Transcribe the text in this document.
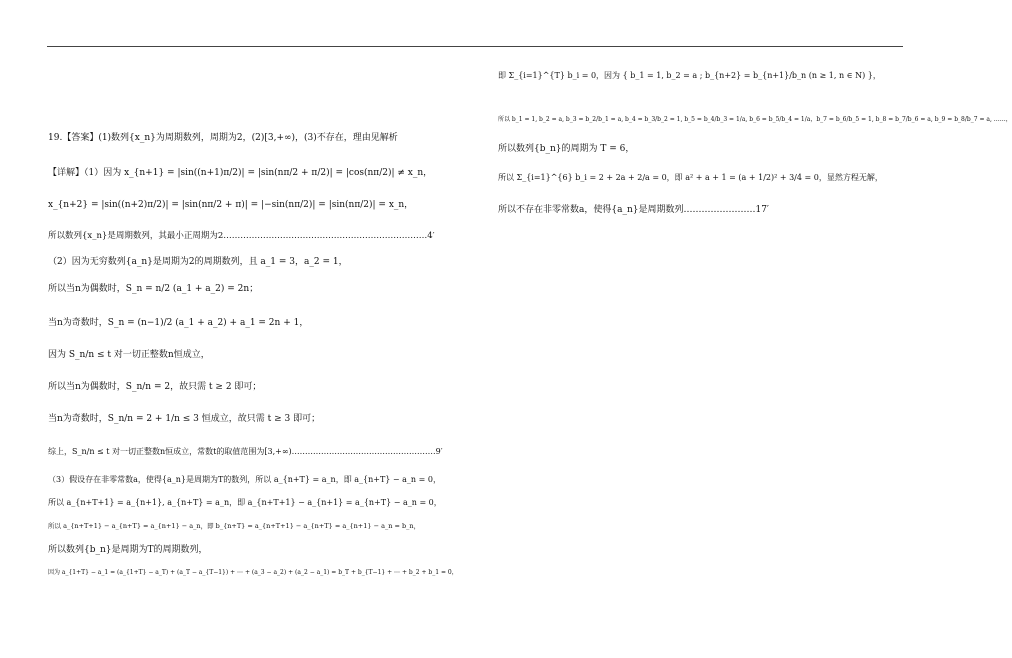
19.【答案】(1)数列{x_n}为周期数列，周期为2，(2)[3,+∞)，(3)不存在，理由见解析
【详解】（1）因为 x_{n+1} = |sin((n+1)π/2)| = |sin(nπ/2 + π/2)| = |cos(nπ/2)| ≠ x_n，
x_{n+2} = |sin((n+2)π/2)| = |sin(nπ/2 + π)| = |−sin(nπ/2)| = |sin(nπ/2)| = x_n，
所以数列{x_n}是周期数列，其最小正周期为2………………………………………………………………4′
（2）因为无穷数列{a_n}是周期为2的周期数列，且 a_1 = 3，a_2 = 1，
所以当n为偶数时，S_n = n/2 (a_1 + a_2) = 2n；
当n为奇数时，S_n = (n−1)/2 (a_1 + a_2) + a_1 = 2n + 1，
因为 S_n/n ≤ t 对一切正整数n恒成立，
所以当n为偶数时，S_n/n = 2，故只需 t ≥ 2 即可；
当n为奇数时，S_n/n = 2 + 1/n ≤ 3 恒成立，故只需 t ≥ 3 即可；
综上，S_n/n ≤ t 对一切正整数n恒成立，常数t的取值范围为[3,+∞)………………………………………………9′
（3）假设存在非零常数a，使得{a_n}是周期为T的数列，所以 a_{n+T} = a_n，即 a_{n+T} − a_n = 0，
所以 a_{n+T+1} = a_{n+1}, a_{n+T} = a_n，即 a_{n+T+1} − a_{n+1} = a_{n+T} − a_n = 0，
所以 a_{n+T+1} − a_{n+T} = a_{n+1} − a_n，即 b_{n+T} = a_{n+T+1} − a_{n+T} = a_{n+1} − a_n = b_n，
所以数列{b_n}是周期为T的周期数列，
因为 a_{1+T} − a_1 = (a_{1+T} − a_T) + (a_T − a_{T−1}) + ⋯ + (a_3 − a_2) + (a_2 − a_1) = b_T + b_{T−1} + ⋯ + b_2 + b_1 = 0，
即 Σ_{i=1}^{T} b_i = 0，因为 { b_1 = 1, b_2 = a ; b_{n+2} = b_{n+1}/b_n (n ≥ 1, n ∈ N) }，
所以 b_1 = 1, b_2 = a, b_3 = b_2/b_1 = a, b_4 = b_3/b_2 = 1, b_5 = b_4/b_3 = 1/a, b_6 = b_5/b_4 = 1/a，b_7 = b_6/b_5 = 1, b_8 = b_7/b_6 = a, b_9 = b_8/b_7 = a, ……，
所以数列{b_n}的周期为 T = 6，
所以 Σ_{i=1}^{6} b_i = 2 + 2a + 2/a = 0，即 a² + a + 1 = (a + 1/2)² + 3/4 = 0，显然方程无解，
所以不存在非零常数a，使得{a_n}是周期数列……………………17′
